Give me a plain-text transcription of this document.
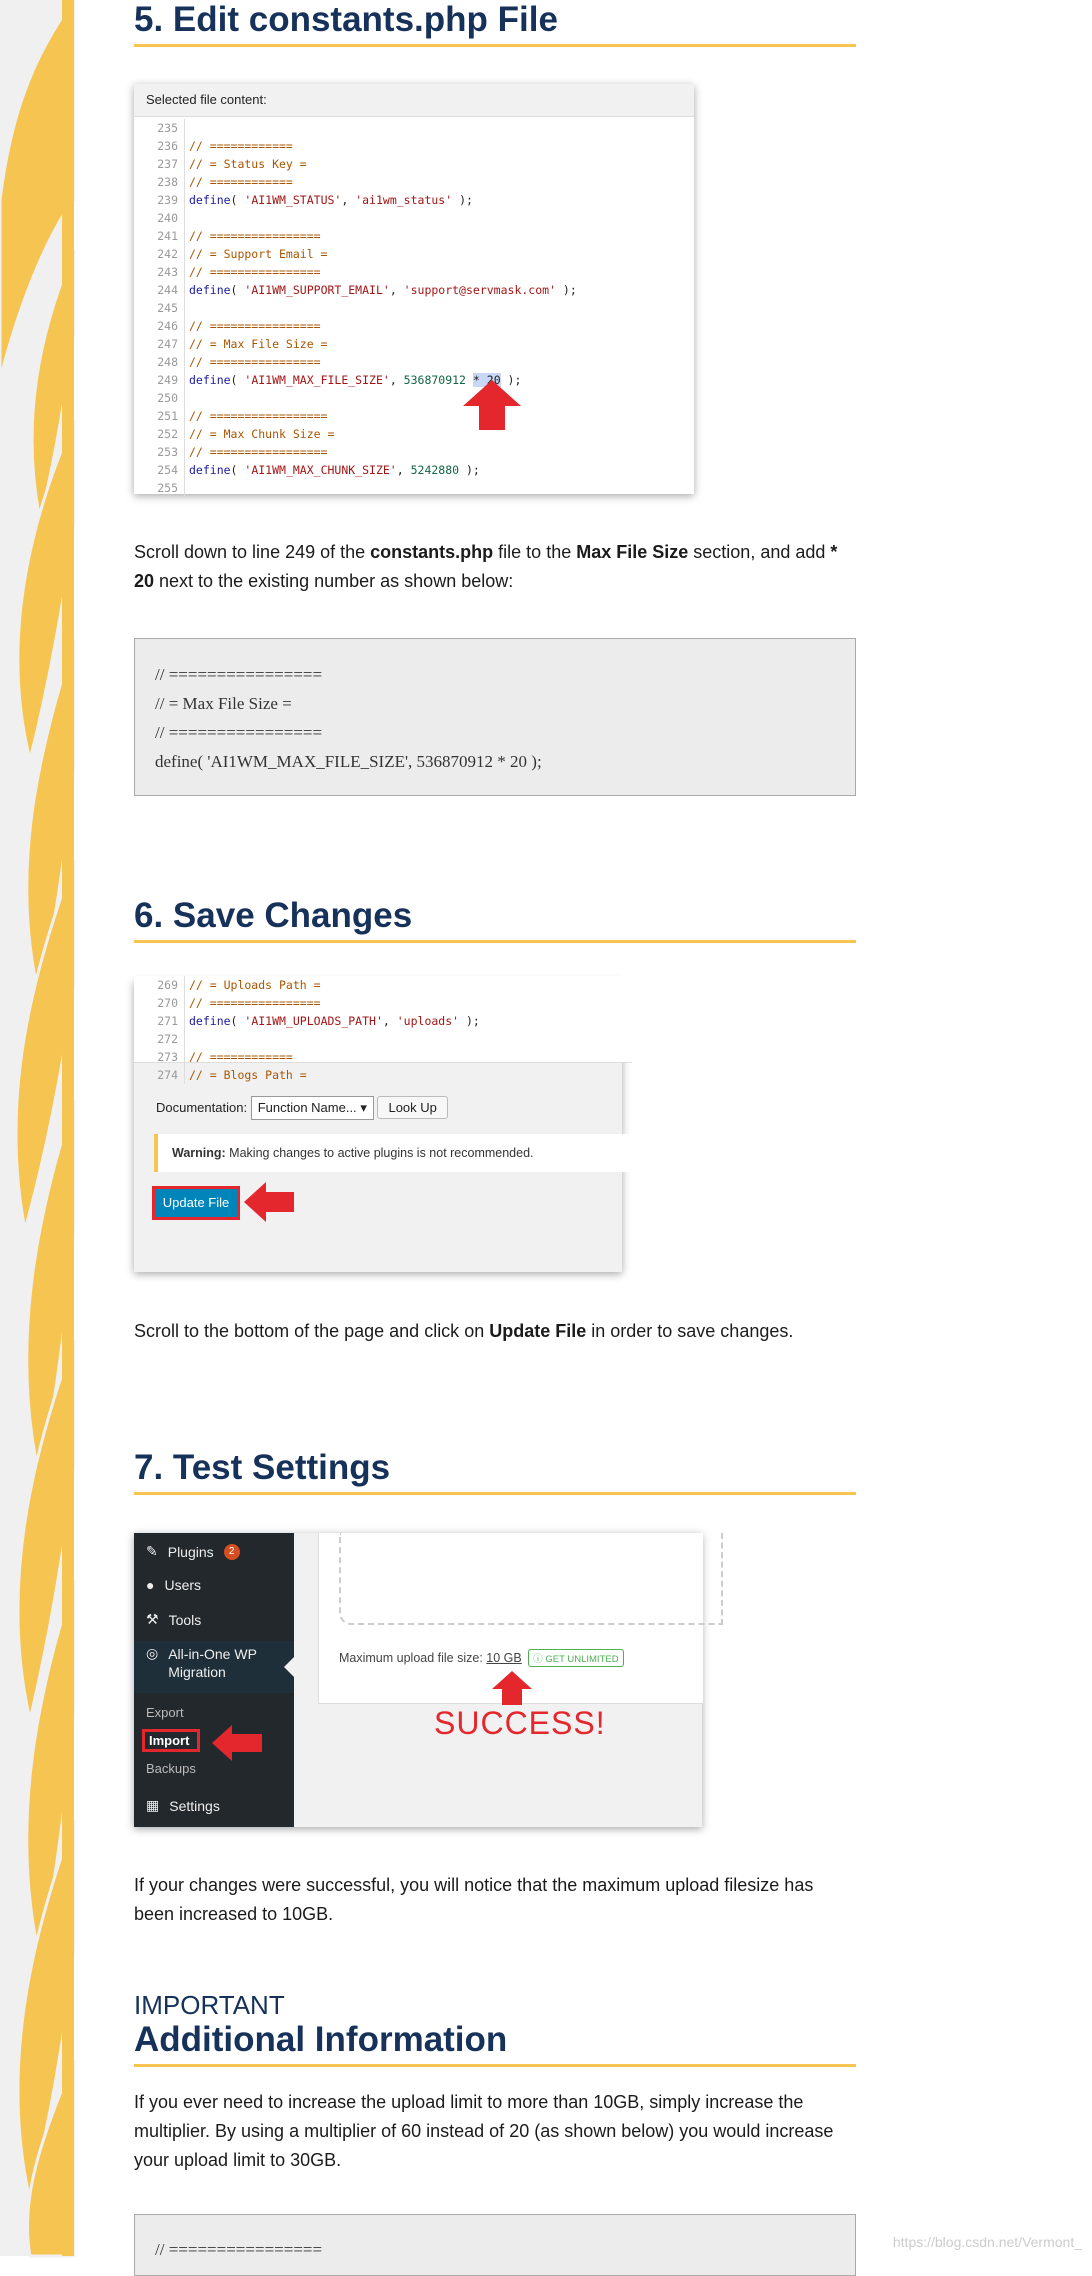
5. Edit constants.php File
Selected file content:
235
236 // ============
237 // = Status Key =
238 // ============
239 define( 'AI1WM_STATUS', 'ai1wm_status' );
240
241 // ================
242 // = Support Email =
243 // ================
244 define( 'AI1WM_SUPPORT_EMAIL', 'support@servmask.com' );
245
246 // ================
247 // = Max File Size =
248 // ================
249 define( 'AI1WM_MAX_FILE_SIZE', 536870912 * 20 );
250
251 // =================
252 // = Max Chunk Size =
253 // =================
254 define( 'AI1WM_MAX_CHUNK_SIZE', 5242880 );
255
Scroll down to line 249 of the constants.php file to the Max File Size section, and add * 20 next to the existing number as shown below:
// ================
// = Max File Size =
// ================
define( 'AI1WM_MAX_FILE_SIZE', 536870912 * 20 );
6. Save Changes
269 // = Uploads Path =
270 // ================
271 define( 'AI1WM_UPLOADS_PATH', 'uploads' );
272
273 // ============
274 // = Blogs Path =
Documentation: Function Name... ▾ Look Up
Warning: Making changes to active plugins is not recommended.
Update File
Scroll to the bottom of the page and click on Update File in order to save changes.
7. Test Settings
✎ Plugins	2
● Users
⚒ Tools
◎ All-in-One WP Migration
Export
Import
Backups
▦ Settings
Maximum upload file size: 10 GB ⓘ GET UNLIMITED
SUCCESS!
If your changes were successful, you will notice that the maximum upload filesize has been increased to 10GB.
IMPORTANT
Additional Information
If you ever need to increase the upload limit to more than 10GB, simply increase the multiplier. By using a multiplier of 60 instead of 20 (as shown below) you would increase your upload limit to 30GB.
// ================	https://blog.csdn.net/Vermont_
